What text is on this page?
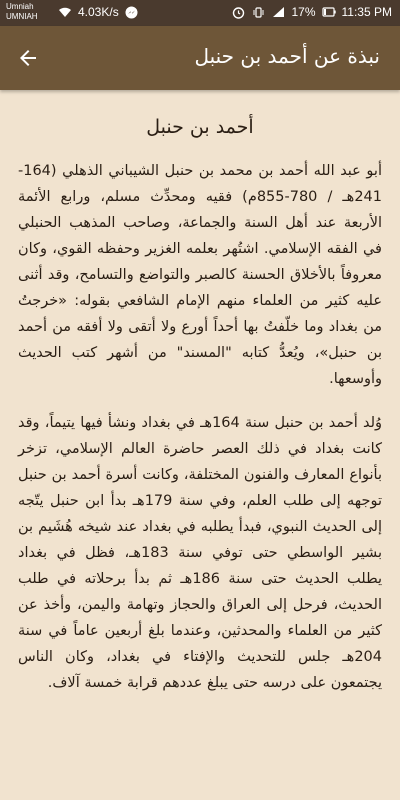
Umniah
UMNIAH	4.03K/s	17% 11:35 PM
نبذة عن أحمد بن حنبل
أحمد بن حنبل

أبو عبد الله أحمد بن محمد بن حنبل الشيباني الذهلي (164-241هـ / 780-855م) فقيه ومحدِّث مسلم، ورابع الأئمة الأربعة عند أهل السنة والجماعة، وصاحب المذهب الحنبلي في الفقه الإسلامي. اشتُهر بعلمه الغزير وحفظه القوي، وكان معروفاً بالأخلاق الحسنة كالصبر والتواضع والتسامح، وقد أثنى عليه كثير من العلماء منهم الإمام الشافعي بقوله: «خرجتُ من بغداد وما خلّفتُ بها أحداً أورع ولا أتقى ولا أفقه من أحمد بن حنبل»، ويُعدُّ كتابه "المسند" من أشهر كتب الحديث وأوسعها.

وُلد أحمد بن حنبل سنة 164هـ في بغداد ونشأ فيها يتيماً، وقد كانت بغداد في ذلك العصر حاضرة العالم الإسلامي، تزخر بأنواع المعارف والفنون المختلفة، وكانت أسرة أحمد بن حنبل توجهه إلى طلب العلم، وفي سنة 179هـ بدأ ابن حنبل يتّجه إلى الحديث النبوي، فبدأ يطلبه في بغداد عند شيخه هُشَيم بن بشير الواسطي حتى توفي سنة 183هـ، فظل في بغداد يطلب الحديث حتى سنة 186هـ ثم بدأ برحلاته في طلب الحديث، فرحل إلى العراق والحجاز وتهامة واليمن، وأخذ عن كثير من العلماء والمحدثين، وعندما بلغ أربعين عاماً في سنة 204هـ جلس للتحديث والإفتاء في بغداد، وكان الناس يجتمعون على درسه حتى يبلغ عددهم قرابة خمسة آلاف.
